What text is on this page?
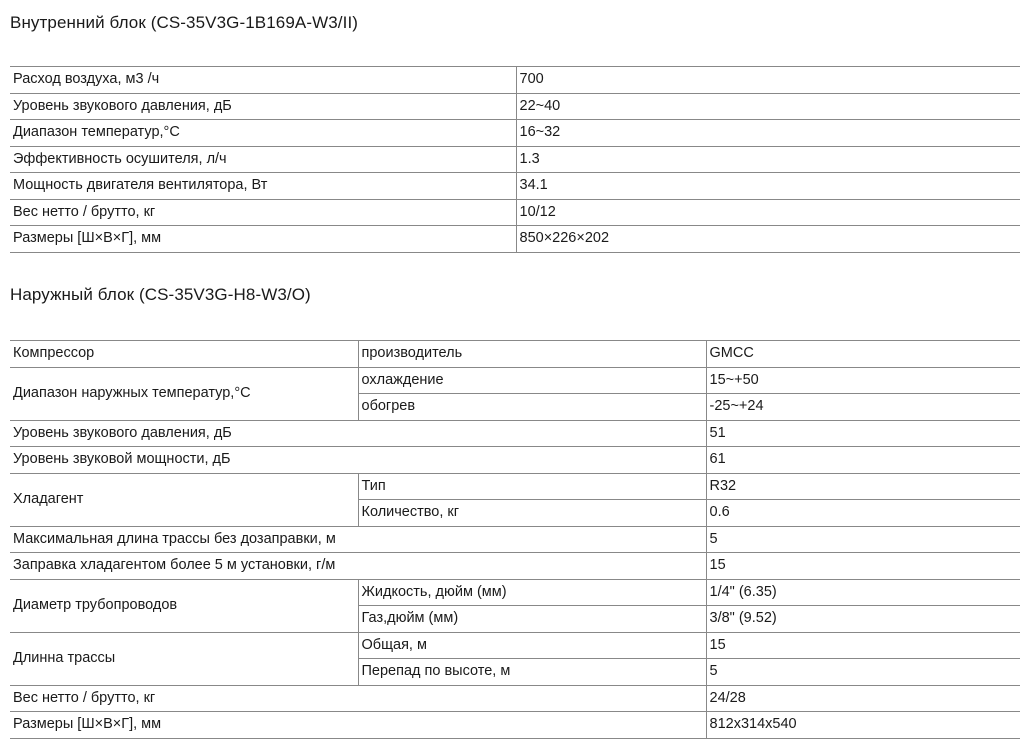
Внутренний блок (CS-35V3G-1B169A-W3/II)
Расход воздуха, м3 /ч	700
Уровень звукового давления, дБ	22~40
Диапазон температур,°С	16~32
Эффективность осушителя, л/ч	1.3
Мощность двигателя вентилятора, Вт	34.1
Вес нетто / брутто, кг	10/12
Размеры [Ш×В×Г], мм	850×226×202
Наружный блок (CS-35V3G-H8-W3/O)
Компрессор	производитель	GMCC
Диапазон наружных температур,°С	охлаждение	15~+50
	обогрев	-25~+24
Уровень звукового давления, дБ		51
Уровень звуковой мощности, дБ		61
Хладагент	Тип	R32
	Количество, кг	0.6
Максимальная длина трассы без дозаправки, м		5
Заправка хладагентом более 5 м установки, г/м		15
Диаметр трубопроводов	Жидкость, дюйм (мм)	1/4" (6.35)
	Газ,дюйм (мм)	3/8" (9.52)
Длинна трассы	Общая, м	15
	Перепад по высоте, м	5
Вес нетто / брутто, кг		24/28
Размеры [Ш×В×Г], мм		812x314x540
